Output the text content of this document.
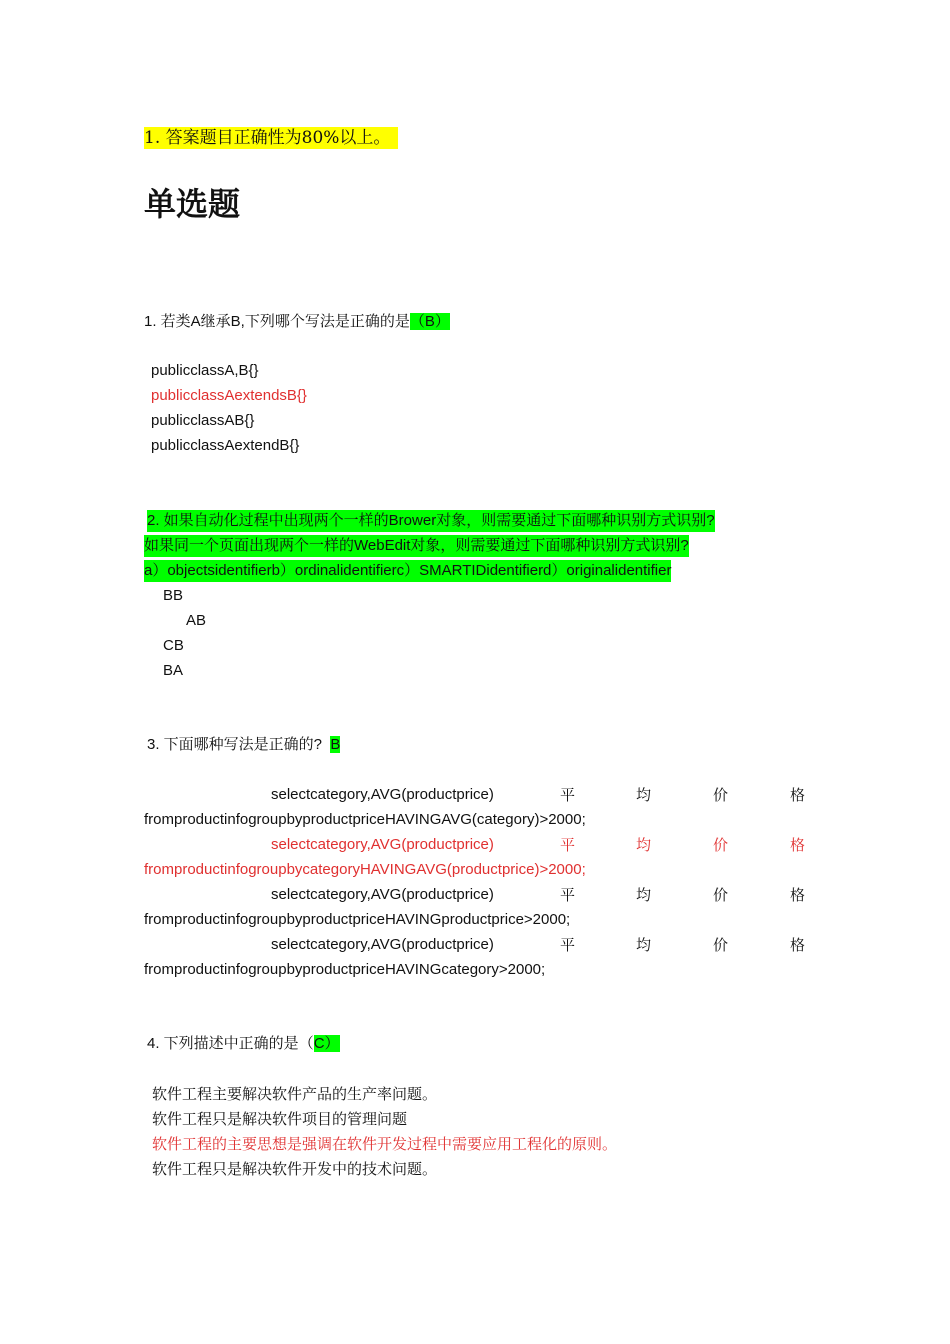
1. 答案题目正确性为80%以上。
单选题
1. 若类A继承B,下列哪个写法是正确的是（B）
publicclassA,B{}
publicclassAextendsB{}
publicclassAB{}
publicclassAextendB{}
2. 如果自动化过程中出现两个一样的Brower对象，则需要通过下面哪种识别方式识别?
如果同一个页面出现两个一样的WebEdit对象，则需要通过下面哪种识别方式识别?
a）objectsidentifierb）ordinalidentifierc）SMARTIDidentifierd）originalidentifier
BB
AB
CB
BA
3. 下面哪种写法是正确的? B
selectcategory,AVG(productprice)	平	均	价	格
fromproductinfogroupbyproductpriceHAVINGAVG(category)>2000;
selectcategory,AVG(productprice)	平	均	价	格
fromproductinfogroupbycategoryHAVINGAVG(productprice)>2000;
selectcategory,AVG(productprice)	平	均	价	格
fromproductinfogroupbyproductpriceHAVINGproductprice>2000;
selectcategory,AVG(productprice)	平	均	价	格
fromproductinfogroupbyproductpriceHAVINGcategory>2000;
4. 下列描述中正确的是（C）
软件工程主要解决软件产品的生产率问题。
软件工程只是解决软件项目的管理问题
软件工程的主要思想是强调在软件开发过程中需要应用工程化的原则。
软件工程只是解决软件开发中的技术问题。
